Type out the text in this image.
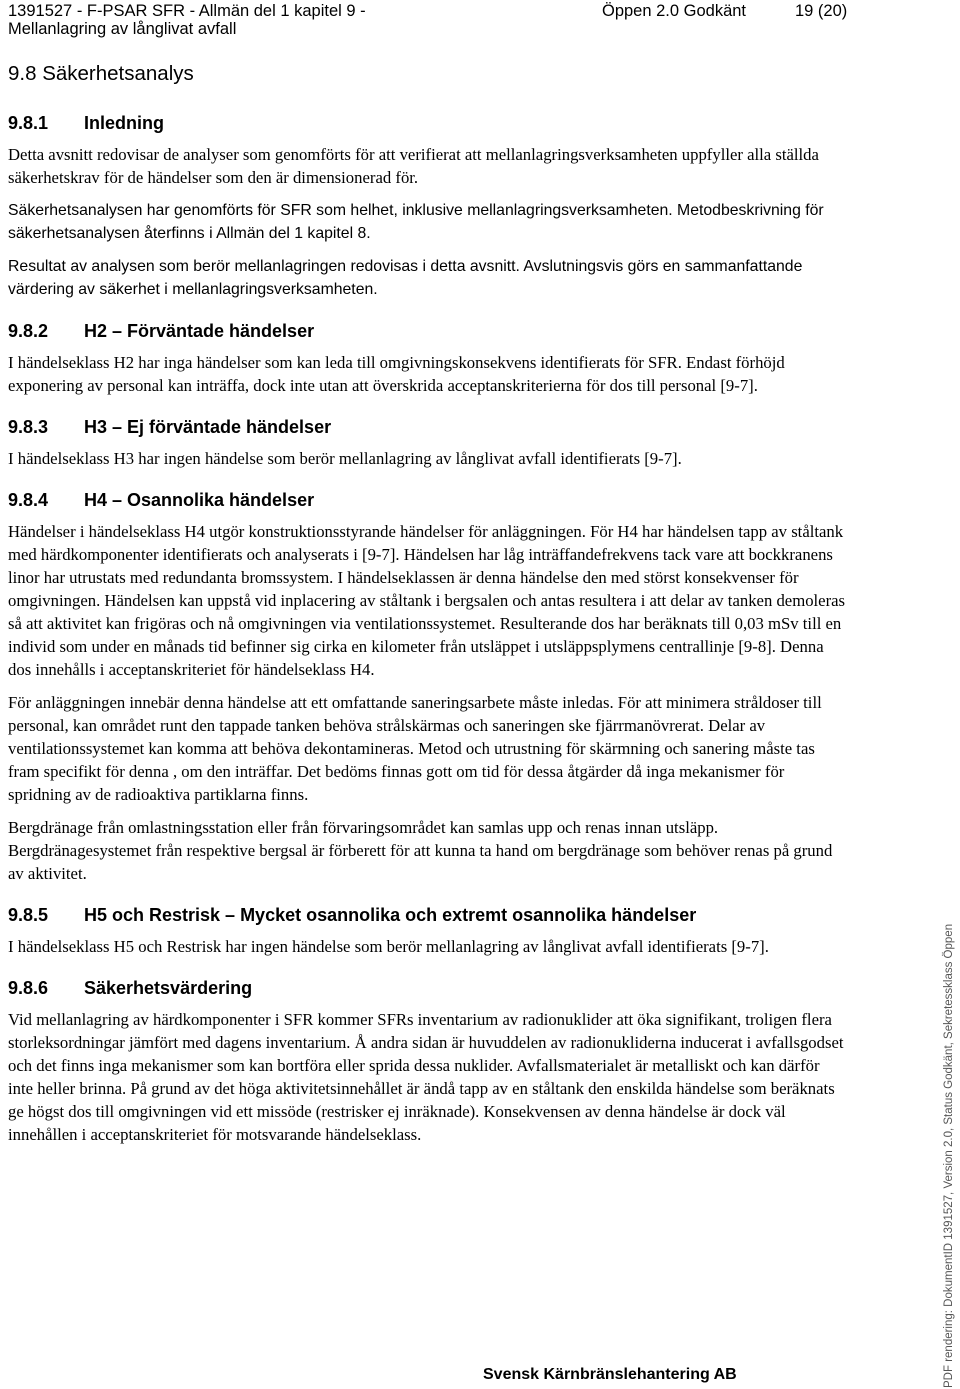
1391527 - F-PSAR SFR - Allmän del 1 kapitel 9 -
Mellanlagring av långlivat avfall
Öppen 2.0 Godkänt	19 (20)
9.8 Säkerhetsanalys
9.8.1 Inledning

Detta avsnitt redovisar de analyser som genomförts för att verifierat att mellanlagringsverksamheten uppfyller alla ställda säkerhetskrav för de händelser som den är dimensionerad för.

Säkerhetsanalysen har genomförts för SFR som helhet, inklusive mellanlagringsverksamheten. Metodbeskrivning för säkerhetsanalysen återfinns i Allmän del 1 kapitel 8.

Resultat av analysen som berör mellanlagringen redovisas i detta avsnitt. Avslutningsvis görs en sammanfattande värdering av säkerhet i mellanlagringsverksamheten.

9.8.2 H2 – Förväntade händelser

I händelseklass H2 har inga händelser som kan leda till omgivningskonsekvens identifierats för SFR. Endast förhöjd exponering av personal kan inträffa, dock inte utan att överskrida acceptanskriterierna för dos till personal [9-7].

9.8.3 H3 – Ej förväntade händelser

I händelseklass H3 har ingen händelse som berör mellanlagring av långlivat avfall identifierats [9-7].

9.8.4 H4 – Osannolika händelser

Händelser i händelseklass H4 utgör konstruktionsstyrande händelser för anläggningen. För H4 har händelsen tapp av ståltank med härdkomponenter identifierats och analyserats i [9-7]. Händelsen har låg inträffandefrekvens tack vare att bockkranens linor har utrustats med redundanta bromssystem. I händelseklassen är denna händelse den med störst konsekvenser för omgivningen. Händelsen kan uppstå vid inplacering av ståltank i bergsalen och antas resultera i att delar av tanken demoleras så att aktivitet kan frigöras och nå omgivningen via ventilationssystemet. Resulterande dos har beräknats till 0,03 mSv till en individ som under en månads tid befinner sig cirka en kilometer från utsläppet i utsläppsplymens centrallinje [9-8]. Denna dos innehålls i acceptanskriteriet för händelseklass H4.

För anläggningen innebär denna händelse att ett omfattande saneringsarbete måste inledas. För att minimera stråldoser till personal, kan området runt den tappade tanken behöva strålskärmas och saneringen ske fjärrmanövrerat. Delar av ventilationssystemet kan komma att behöva dekontamineras. Metod och utrustning för skärmning och sanering måste tas fram specifikt för denna , om den inträffar. Det bedöms finnas gott om tid för dessa åtgärder då inga mekanismer för spridning av de radioaktiva partiklarna finns.

Bergdränage från omlastningsstation eller från förvaringsområdet kan samlas upp och renas innan utsläpp. Bergdränagesystemet från respektive bergsal är förberett för att kunna ta hand om bergdränage som behöver renas på grund av aktivitet.

9.8.5 H5 och Restrisk – Mycket osannolika och extremt osannolika händelser

I händelseklass H5 och Restrisk har ingen händelse som berör mellanlagring av långlivat avfall identifierats [9-7].

9.8.6 Säkerhetsvärdering

Vid mellanlagring av härdkomponenter i SFR kommer SFRs inventarium av radionuklider att öka signifikant, troligen flera storleksordningar jämfört med dagens inventarium. Å andra sidan är huvuddelen av radionukliderna inducerat i avfallsgodset och det finns inga mekanismer som kan bortföra eller sprida dessa nuklider. Avfallsmaterialet är metalliskt och kan därför inte heller brinna. På grund av det höga aktivitetsinnehållet är ändå tapp av en ståltank den enskilda händelse som beräknats ge högst dos till omgivningen vid ett missöde (restrisker ej inräknade). Konsekvensen av denna händelse är dock väl innehållen i acceptanskriteriet för motsvarande händelseklass.

Svensk Kärnbränslehantering AB	PDF rendering: DokumentID 1391527, Version 2.0, Status Godkänt, Sekretessklass Öppen
